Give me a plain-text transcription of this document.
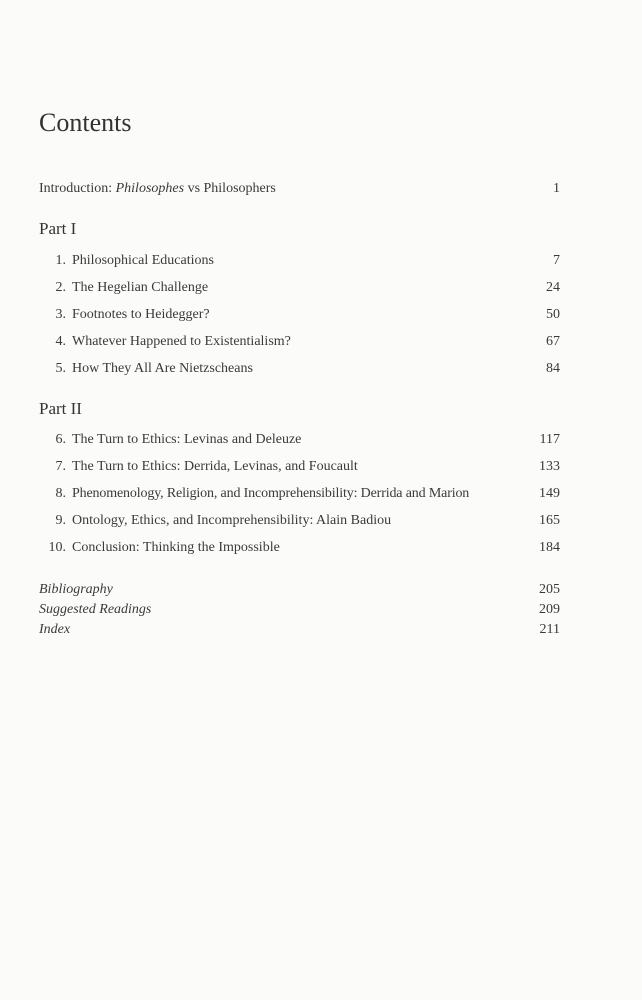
Contents
Introduction: Philosophes vs Philosophers	1
Part I
1. Philosophical Educations	7
2. The Hegelian Challenge	24
3. Footnotes to Heidegger?	50
4. Whatever Happened to Existentialism?	67
5. How They All Are Nietzscheans	84
Part II
6. The Turn to Ethics: Levinas and Deleuze	117
7. The Turn to Ethics: Derrida, Levinas, and Foucault	133
8. Phenomenology, Religion, and Incomprehensibility: Derrida and Marion	149
9. Ontology, Ethics, and Incomprehensibility: Alain Badiou	165
10. Conclusion: Thinking the Impossible	184
Bibliography	205
Suggested Readings	209
Index	211
